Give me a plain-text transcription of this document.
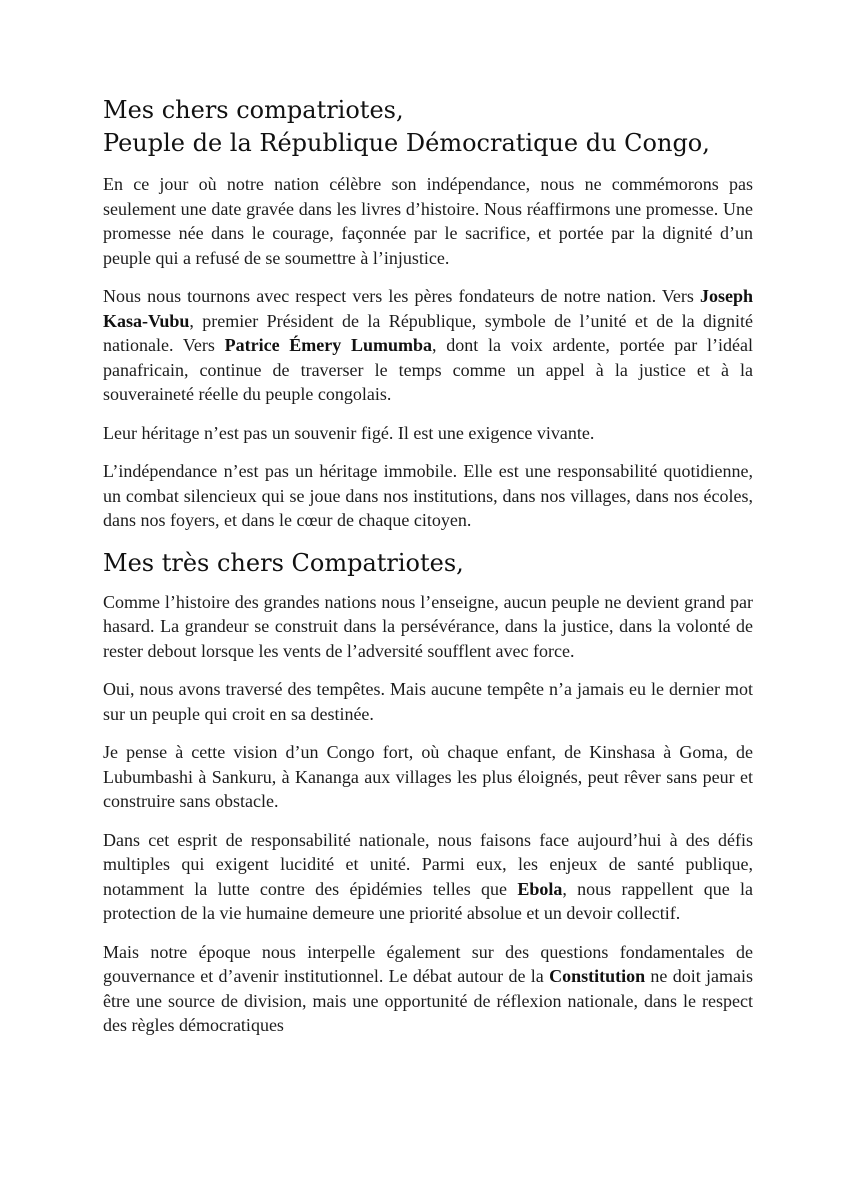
Mes chers compatriotes,
Peuple de la République Démocratique du Congo,

En ce jour où notre nation célèbre son indépendance, nous ne commémorons pas seulement une date gravée dans les livres d’histoire. Nous réaffirmons une promesse. Une promesse née dans le courage, façonnée par le sacrifice, et portée par la dignité d’un peuple qui a refusé de se soumettre à l’injustice.

Nous nous tournons avec respect vers les pères fondateurs de notre nation. Vers Joseph Kasa-Vubu, premier Président de la République, symbole de l’unité et de la dignité nationale. Vers Patrice Émery Lumumba, dont la voix ardente, portée par l’idéal panafricain, continue de traverser le temps comme un appel à la justice et à la souveraineté réelle du peuple congolais.

Leur héritage n’est pas un souvenir figé. Il est une exigence vivante.

L’indépendance n’est pas un héritage immobile. Elle est une responsabilité quotidienne, un combat silencieux qui se joue dans nos institutions, dans nos villages, dans nos écoles, dans nos foyers, et dans le cœur de chaque citoyen.

Mes très chers Compatriotes,

Comme l’histoire des grandes nations nous l’enseigne, aucun peuple ne devient grand par hasard. La grandeur se construit dans la persévérance, dans la justice, dans la volonté de rester debout lorsque les vents de l’adversité soufflent avec force.

Oui, nous avons traversé des tempêtes. Mais aucune tempête n’a jamais eu le dernier mot sur un peuple qui croit en sa destinée.

Je pense à cette vision d’un Congo fort, où chaque enfant, de Kinshasa à Goma, de Lubumbashi à Sankuru, à Kananga aux villages les plus éloignés, peut rêver sans peur et construire sans obstacle.

Dans cet esprit de responsabilité nationale, nous faisons face aujourd’hui à des défis multiples qui exigent lucidité et unité. Parmi eux, les enjeux de santé publique, notamment la lutte contre des épidémies telles que Ebola, nous rappellent que la protection de la vie humaine demeure une priorité absolue et un devoir collectif.

Mais notre époque nous interpelle également sur des questions fondamentales de gouvernance et d’avenir institutionnel. Le débat autour de la Constitution ne doit jamais être une source de division, mais une opportunité de réflexion nationale, dans le respect des règles démocratiques
